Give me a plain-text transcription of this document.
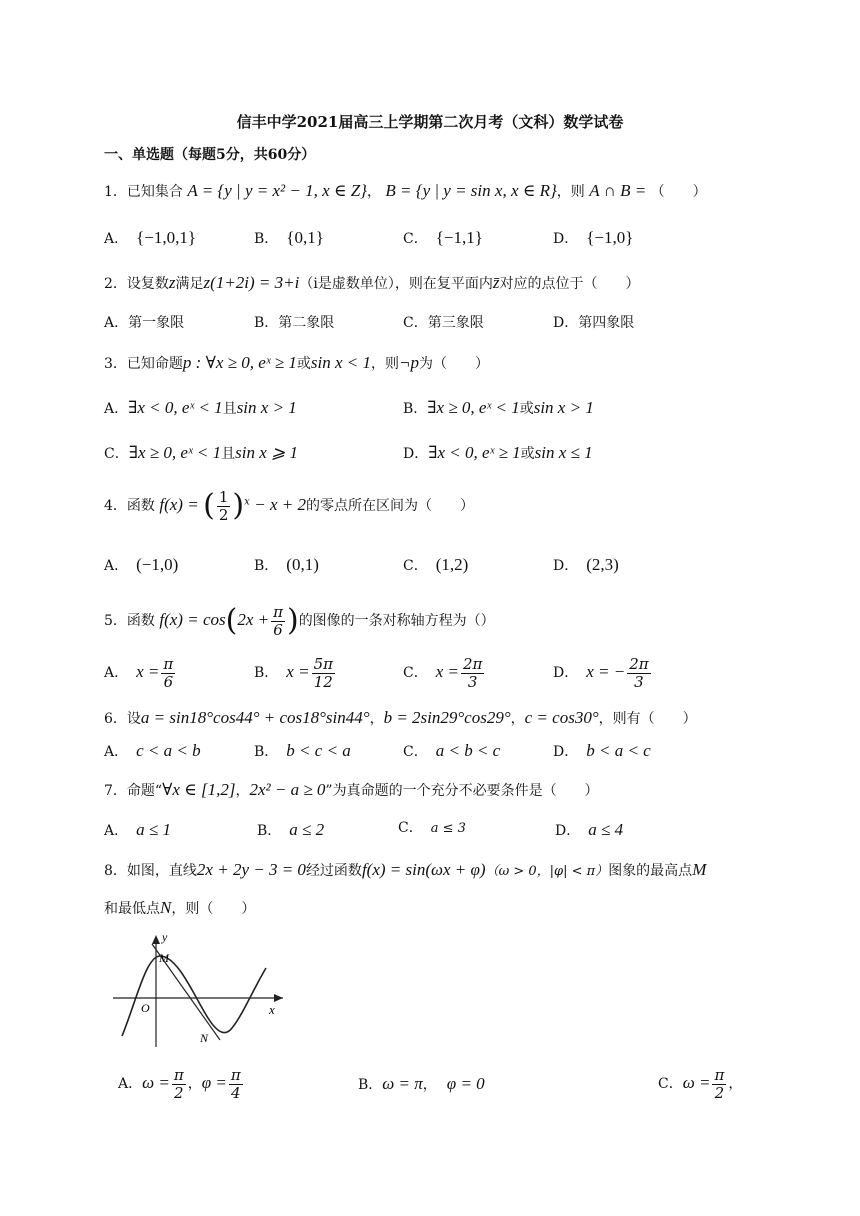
信丰中学2021届高三上学期第二次月考（文科）数学试卷
一、单选题（每题5分，共60分）
1．已知集合 A = {y | y = x² − 1, x ∈ Z}， B = {y | y = sin x, x ∈ R}，则 A ∩ B = （　　）
A． {−1,0,1}	B． {0,1}	C． {−1,1}	D． {−1,0}
2．设复数z满足z(1+2i) = 3+i（i是虚数单位），则在复平面内z̄对应的点位于（　　）
A．第一象限	B．第二象限	C．第三象限	D．第四象限
3．已知命题p : ∀x ≥ 0, eˣ ≥ 1或sin x < 1，则¬p为（　　）
A．∃x < 0, eˣ < 1且sin x > 1	B．∃x ≥ 0, eˣ < 1或sin x > 1
C．∃x ≥ 0, eˣ < 1且sin x ⩾ 1	D．∃x < 0, eˣ ≥ 1或sin x ≤ 1
4．函数 f(x) = ( $\frac{1}{2} )^x - x + 2$的零点所在区间为（　　）
A． (−1,0)	B． (0,1)	C． (1,2)	D． (2,3)
5．函数 $f(x) = \cos(2x + \frac{\pi}{6}$ )的图像的一条对称轴方程为（）
A． $x = \frac{\pi}{6}$	B． $x = \frac{5\pi}{12}$	C． $x = \frac{2\pi}{3}$	D． x = − $\frac{2\pi}{3}$
6．设a = sin18°cos44° + cos18°sin44°，b = 2sin29°cos29°，c = cos30°，则有（　　）
A． c < a < b	B． b < c < a	C． a < b < c	D． b < a < c
7．命题“∀x ∈ [1,2]，2x² − a ≥ 0”为真命题的一个充分不必要条件是（　　）
A． a ≤ 1	B． a ≤ 2	C． a ≤ 3	D． a ≤ 4
8．如图，直线2x + 2y − 3 = 0经过函数f(x) = sin(ωx + φ)（ω > 0，|φ| < π）图象的最高点M
和最低点N，则（　　）
y
x
O
M
N
A．$\omega = \frac{\pi}{2}$ ，$\varphi = \frac{\pi}{4}$	B．ω = π， φ = 0	C．$\omega = \frac{\pi}{2}$ ，
